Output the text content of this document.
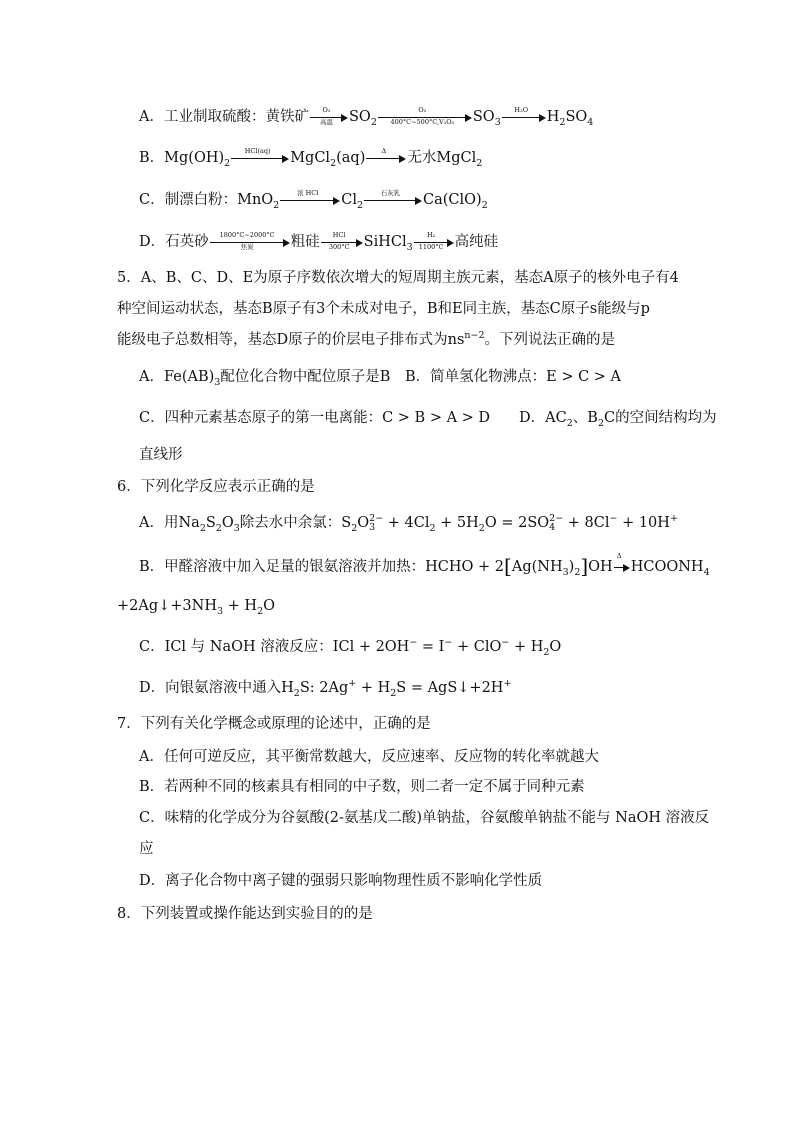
A．工业制取硫酸：黄铁矿	O₂
高温	$SO_2 \frac{\text{O₂}}{\text{400°C\textasciitilde{}500°C,V₂O₅}} SO_3$
H₂O	$H_2SO_4$
B．$Mg(OH)_2$
HCl(aq)	MgCl$_2$(aq)	Δ	无水MgCl$_2$
C．制漂白粉：MnO$_2$
浓 HCl	$Cl_2$
石灰乳	$Ca(ClO)_2$
D．石英砂	1800°C~2000°C
焦炭	粗硅	HCl
300°C SiHCl$_3$ $\frac{\text{H₂}}{1100^\circ C}$ 高纯硅
5．A、B、C、D、E为原子序数依次增大的短周期主族元素，基态A原子的核外电子有4
种空间运动状态，基态B原子有3个未成对电子，B和E同主族，基态C原子s能级与p
能级电子总数相等，基态D原子的价层电子排布式为$ns^{n-2}$。下列说法正确的是
A．$Fe(AB)_3$配位化合物中配位原子是B　B．简单氢化物沸点：E > C > A
C．四种元素基态原子的第一电离能：C > B > A > D　　D．$AC_2$、$B_2C$的空间结构均为
直线形
6．下列化学反应表示正确的是
A．用$Na_2S_2O_3$除去水中余氯：$S_2O$ 2−
$3 + 4Cl_2 + 5H_2O = 2SO$ 2−
4 + 8Cl− + 10H+
B．甲醛溶液中加入足量的银氨溶液并加热：HCHO + $2[Ag(NH_3)_2]OH$
Δ
$HCOONH_4$
$+2Ag↓+3NH_3 + H_2O$
C．ICl 与 NaOH 溶液反应：ICl + $2OH^- = I^- + ClO^- + H_2O$
D．向银氨溶液中通入$H_2S$: $2Ag^+ + H_2S$ = AgS↓+2H+
7．下列有关化学概念或原理的论述中，正确的是
A．任何可逆反应，其平衡常数越大，反应速率、反应物的转化率就越大
B．若两种不同的核素具有相同的中子数，则二者一定不属于同种元素
C．味精的化学成分为谷氨酸(2-氨基戊二酸)单钠盐，谷氨酸单钠盐不能与 NaOH 溶液反
应
D．离子化合物中离子键的强弱只影响物理性质不影响化学性质
8．下列装置或操作能达到实验目的的是
